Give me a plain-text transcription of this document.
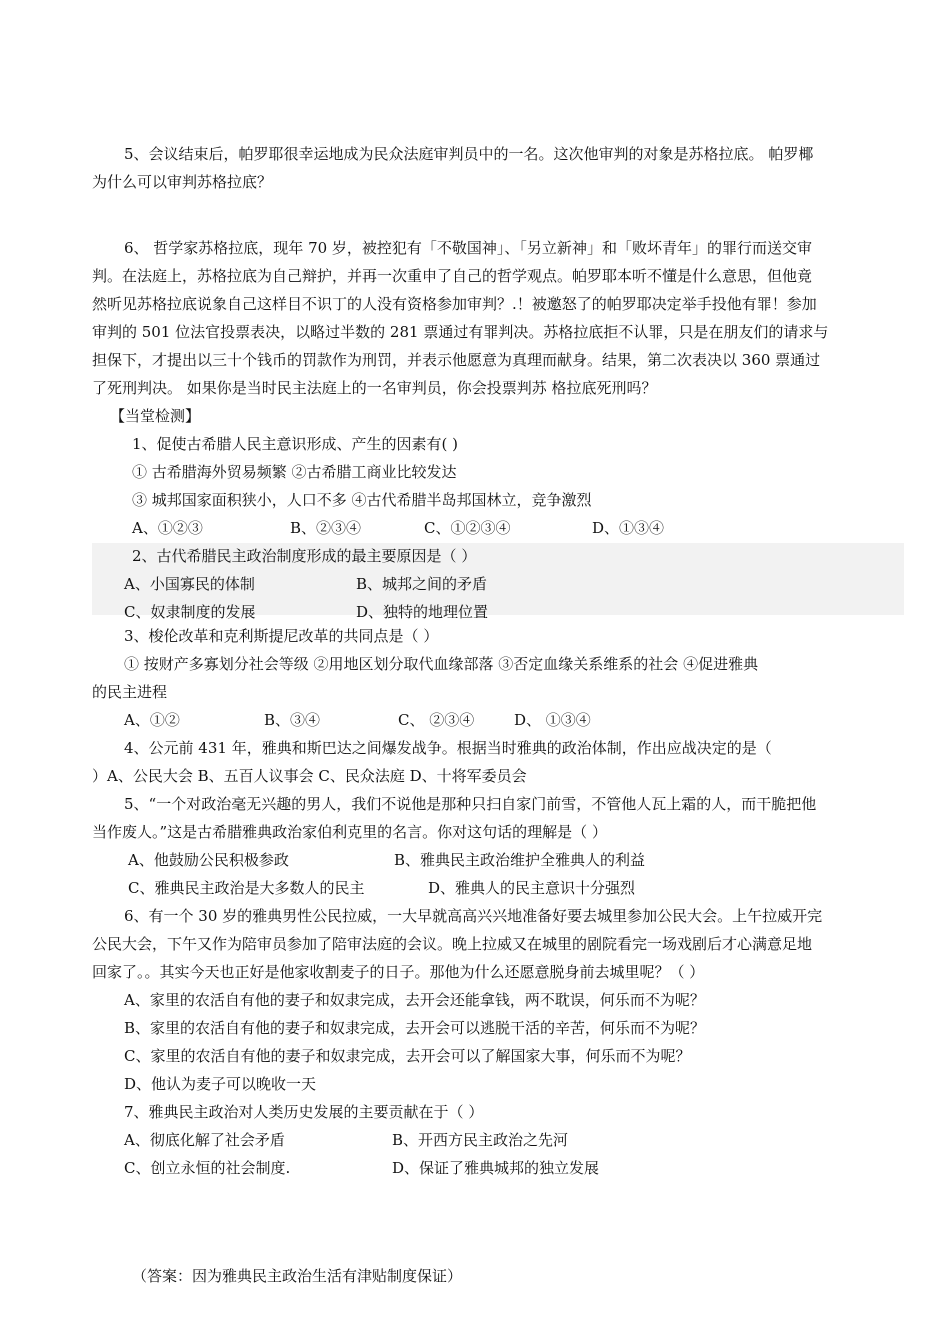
5、会议结束后，帕罗耶很幸运地成为民众法庭审判员中的一名。这次他审判的对象是苏格拉底。 帕罗椰
为什么可以审判苏格拉底？
6、 哲学家苏格拉底，现年 70 岁，被控犯有「不敬国神」、「另立新神」和「败坏青年」的罪行而送交审
判。在法庭上，苏格拉底为自己辩护，并再一次重申了自己的哲学观点。帕罗耶本听不懂是什么意思，但他竟
然听见苏格拉底说象自己这样目不识丁的人没有资格参加审判？.！被邀怒了的帕罗耶决定举手投他有罪！参加
审判的 501 位法官投票表决，以略过半数的 281 票通过有罪判决。苏格拉底拒不认罪，只是在朋友们的请求与
担保下，才提出以三十个钱币的罚款作为刑罚，并表示他愿意为真理而献身。结果，第二次表决以 360 票通过
了死刑判决。 如果你是当时民主法庭上的一名审判员，你会投票判苏 格拉底死刑吗？
【当堂检测】
1、促使古希腊人民主意识形成、产生的因素有( )
① 古希腊海外贸易频繁 ②古希腊工商业比较发达
③ 城邦国家面积狭小，人口不多 ④古代希腊半岛邦国林立，竞争激烈
A、①②③	B、②③④	C、①②③④	D、①③④
2、古代希腊民主政治制度形成的最主要原因是（ ）
A、小国寡民的体制	B、城邦之间的矛盾
C、奴隶制度的发展	D、独特的地理位置
3、梭伦改革和克利斯提尼改革的共同点是（ ）
① 按财产多寡划分社会等级 ②用地区划分取代血缘部落 ③否定血缘关系维系的社会 ④促进雅典
的民主进程
A、①②	B、③④	C、 ②③④	D、 ①③④
4、公元前 431 年，雅典和斯巴达之间爆发战争。根据当时雅典的政治体制，作出应战决定的是（
）A、公民大会 B、五百人议事会 C、民众法庭 D、十将军委员会
5、“一个对政治毫无兴趣的男人，我们不说他是那种只扫自家门前雪，不管他人瓦上霜的人，而干脆把他
当作废人。”这是古希腊雅典政治家伯利克里的名言。你对这句话的理解是（ ）
A、他鼓励公民积极参政	B、雅典民主政治维护全雅典人的利益
C、雅典民主政治是大多数人的民主	D、雅典人的民主意识十分强烈
6、有一个 30 岁的雅典男性公民拉威，一大早就高高兴兴地准备好要去城里参加公民大会。上午拉威开完
公民大会，下午又作为陪审员参加了陪审法庭的会议。晚上拉威又在城里的剧院看完一场戏剧后才心满意足地
回家了。。其实今天也正好是他家收割麦子的日子。那他为什么还愿意脱身前去城里呢？（ ）
A、家里的农活自有他的妻子和奴隶完成，去开会还能拿钱，两不耽误，何乐而不为呢？
B、家里的农活自有他的妻子和奴隶完成，去开会可以逃脱干活的辛苦，何乐而不为呢？
C、家里的农活自有他的妻子和奴隶完成，去开会可以了解国家大事，何乐而不为呢？
D、他认为麦子可以晚收一天
7、雅典民主政治对人类历史发展的主要贡献在于（ ）
A、彻底化解了社会矛盾	B、开西方民主政治之先河
C、创立永恒的社会制度.	D、保证了雅典城邦的独立发展
（答案：因为雅典民主政治生活有津贴制度保证）
